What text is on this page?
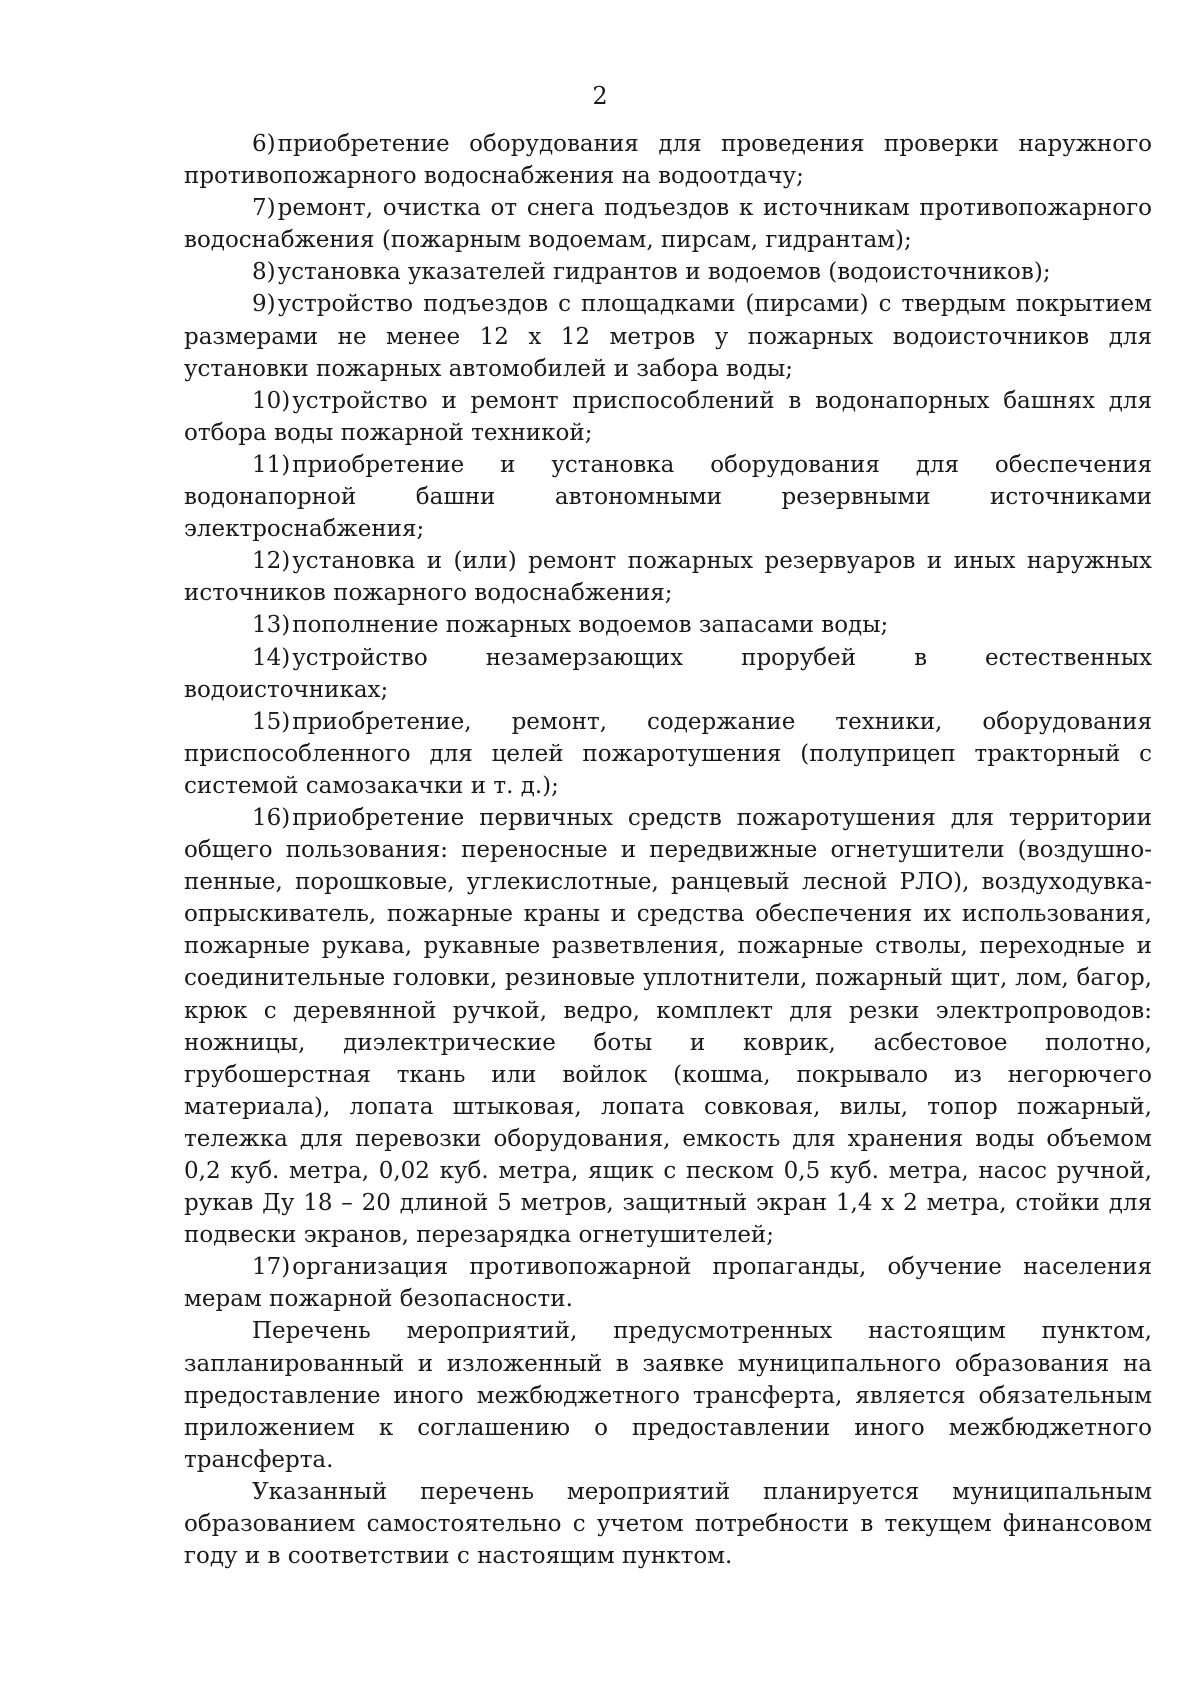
2

6)приобретение оборудования для проведения проверки наружного противопожарного водоснабжения на водоотдачу;

7)ремонт, очистка от снега подъездов к источникам противопожарного водоснабжения (пожарным водоемам, пирсам, гидрантам);

8)установка указателей гидрантов и водоемов (водоисточников);

9)устройство подъездов с площадками (пирсами) с твердым покрытием размерами не менее 12 х 12 метров у пожарных водоисточников для установки пожарных автомобилей и забора воды;

10)устройство и ремонт приспособлений в водонапорных башнях для отбора воды пожарной техникой;

11)приобретение и установка оборудования для обеспечения водонапорной башни автономными резервными источниками электроснабжения;

12)установка и (или) ремонт пожарных резервуаров и иных наружных источников пожарного водоснабжения;

13)пополнение пожарных водоемов запасами воды;

14)устройство незамерзающих прорубей в естественных водоисточниках;

15)приобретение, ремонт, содержание техники, оборудования приспособленного для целей пожаротушения (полуприцеп тракторный с системой самозакачки и т. д.);

16)приобретение первичных средств пожаротушения для территории общего пользования: переносные и передвижные огнетушители (воздушно-пенные, порошковые, углекислотные, ранцевый лесной РЛО), воздуходувка-опрыскиватель, пожарные краны и средства обеспечения их использования, пожарные рукава, рукавные разветвления, пожарные стволы, переходные и соединительные головки, резиновые уплотнители, пожарный щит, лом, багор, крюк с деревянной ручкой, ведро, комплект для резки электропроводов: ножницы, диэлектрические боты и коврик, асбестовое полотно, грубошерстная ткань или войлок (кошма, покрывало из негорючего материала), лопата штыковая, лопата совковая, вилы, топор пожарный, тележка для перевозки оборудования, емкость для хранения воды объемом 0,2 куб. метра, 0,02 куб. метра, ящик с песком 0,5 куб. метра, насос ручной, рукав Ду 18 – 20 длиной 5 метров, защитный экран 1,4 х 2 метра, стойки для подвески экранов, перезарядка огнетушителей;

17)организация противопожарной пропаганды, обучение населения мерам пожарной безопасности.

Перечень мероприятий, предусмотренных настоящим пунктом, запланированный и изложенный в заявке муниципального образования на предоставление иного межбюджетного трансферта, является обязательным приложением к соглашению о предоставлении иного межбюджетного трансферта.

Указанный перечень мероприятий планируется муниципальным образованием самостоятельно с учетом потребности в текущем финансовом году и в соответствии с настоящим пунктом.
